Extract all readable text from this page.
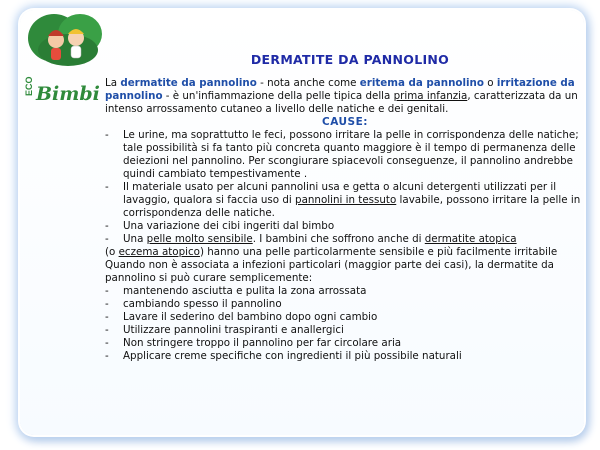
ECO Bimbi
DERMATITE DA PANNOLINO

La dermatite da pannolino - nota anche come eritema da pannolino o irritazione da pannolino - è un'infiammazione della pelle tipica della prima infanzia, caratterizzata da un intenso arrossamento cutaneo a livello delle natiche e dei genitali.

CAUSE:

- Le urine, ma soprattutto le feci, possono irritare la pelle in corrispondenza delle natiche; tale possibilità si fa tanto più concreta quanto maggiore è il tempo di permanenza delle deiezioni nel pannolino. Per scongiurare spiacevoli conseguenze, il pannolino andrebbe quindi cambiato tempestivamente .

- Il materiale usato per alcuni pannolini usa e getta o alcuni detergenti utilizzati per il lavaggio, qualora si faccia uso di pannolini in tessuto lavabile, possono irritare la pelle in corrispondenza delle natiche.

- Una variazione dei cibi ingeriti dal bimbo

- Una pelle molto sensibile. I bambini che soffrono anche di dermatite atopica

(o eczema atopico) hanno una pelle particolarmente sensibile e più facilmente irritabile

Quando non è associata a infezioni particolari (maggior parte dei casi), la dermatite da pannolino si può curare semplicemente:

- mantenendo asciutta e pulita la zona arrossata

- cambiando spesso il pannolino

- Lavare il sederino del bambino dopo ogni cambio

- Utilizzare pannolini traspiranti e anallergici

- Non stringere troppo il pannolino per far circolare aria

- Applicare creme specifiche con ingredienti il più possibile naturali
